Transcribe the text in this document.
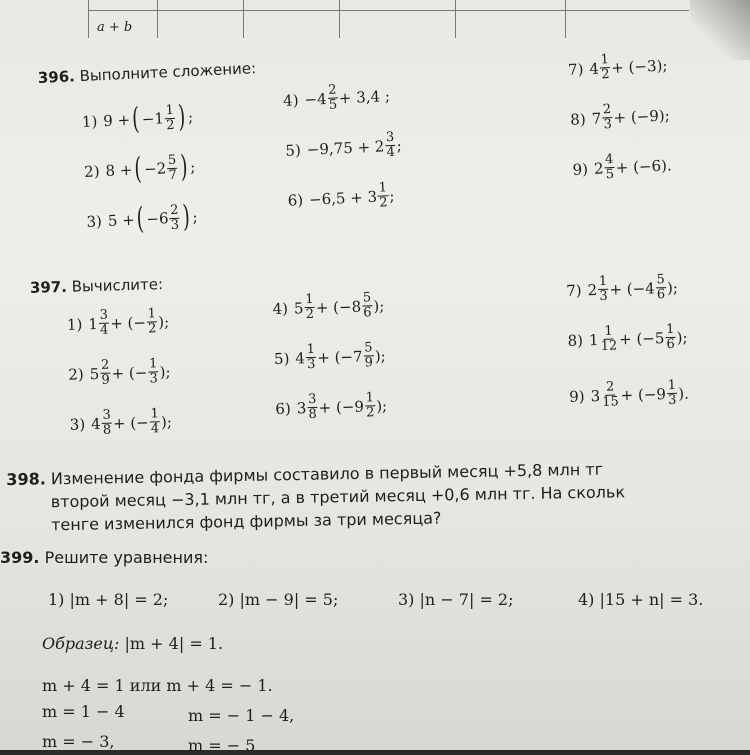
a + b
396. Выполните сложение:
1) 9 + ( $-1 \frac{1}{2}$ ) ;
2) 8 + ( $-2 \frac{5}{7}$ ) ;
3) 5 + ( $-6 \frac{2}{3}$ ) ;
$4) -4 \frac{2}{5} + 3,4$ ;
$5) -9,75 + 2 \frac{3}{4}$ ;
$6) -6,5 + 3 \frac{1}{2}$ ;
7) $4 \frac{1}{2} + (-3)$;
8) $7 \frac{2}{3} + (-9)$;
9) $2 \frac{4}{5} + (-6)$.
397. Вычислите:
1) $1 \frac{3}{4}$ + (− $\frac{1}{2}$ );
2) $5 \frac{2}{9}$ + (− $\frac{1}{3}$ );
3) $4 \frac{3}{8}$ + (− $\frac{1}{4}$ );
4) $5 \frac{1}{2} + (-8 \frac{5}{6}$ );
5) $4 \frac{1}{3} + (-7 \frac{5}{9}$ );
6) $3 \frac{3}{8} + (-9 \frac{1}{2}$ );
7) $2 \frac{1}{3} + (-4 \frac{5}{6}$ );
8) $1 \frac{1}{12} + (-5 \frac{1}{6}$ );
9) $3 \frac{2}{15} + (-9 \frac{1}{3}$ ).
398. Изменение фонда фирмы составило в первый месяц +5,8 млн тг
второй месяц −3,1 млн тг, а в третий месяц +0,6 млн тг. На скольк
тенге изменился фонд фирмы за три месяца?
399. Решите уравнения:
1) |m + 8| = 2;	2) |m − 9| = 5;	3) |n − 7| = 2;	4) |15 + n| = 3.
Образец: |m + 4| = 1.
m + 4 = 1 или m + 4 = − 1.
m = 1 − 4	m = − 1 − 4,
m = − 3,	m = − 5
